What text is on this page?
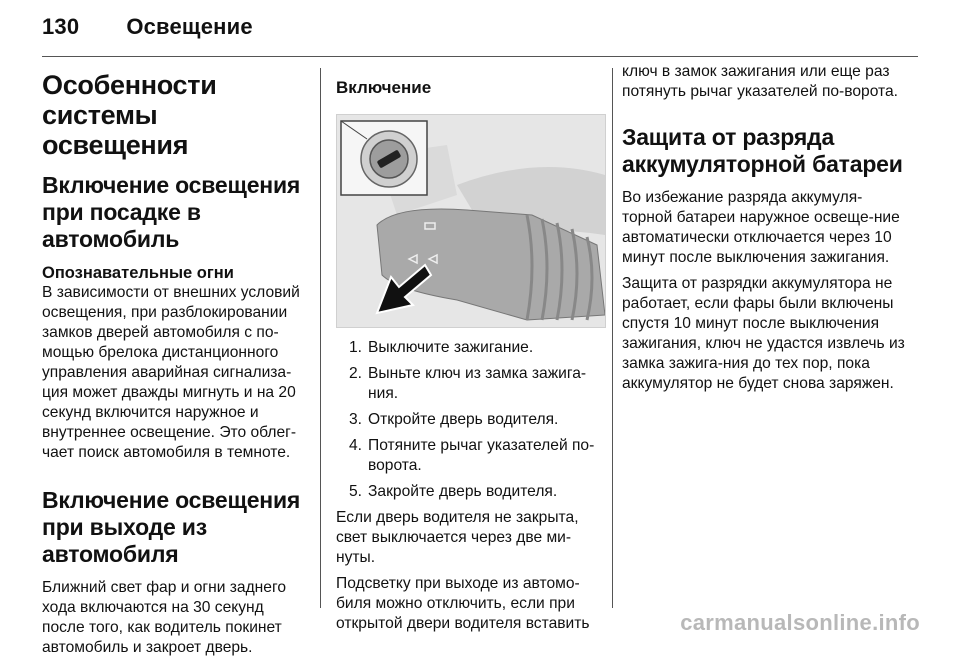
130 Освещение
Особенности системы освещения
Включение освещения при посадке в автомобиль
Опознавательные огни

В зависимости от внешних условий освещения, при разблокировании замков дверей автомобиля с по-мощью брелока дистанционного управления аварийная сигнализа-ция может дважды мигнуть и на 20 секунд включится наружное и внутреннее освещение. Это облег-чает поиск автомобиля в темноте.

Включение освещения при выходе из автомобиля

Ближний свет фар и огни заднего хода включаются на 30 секунд после того, как водитель покинет автомобиль и закроет дверь.

Включение
1. Выключите зажигание.
2. Выньте ключ из замка зажига-ния.
3. Откройте дверь водителя.
4. Потяните рычаг указателей по-ворота.
5. Закройте дверь водителя.

Если дверь водителя не закрыта, свет выключается через две ми-нуты.

Подсветку при выходе из автомо-биля можно отключить, если при открытой двери водителя вставить

ключ в замок зажигания или еще раз потянуть рычаг указателей по-ворота.

Защита от разряда аккумуляторной батареи

Во избежание разряда аккумуля-торной батареи наружное освеще-ние автоматически отключается через 10 минут после выключения зажигания.

Защита от разрядки аккумулятора не работает, если фары были включены спустя 10 минут после выключения зажигания, ключ не удастся извлечь из замка зажига-ния до тех пор, пока аккумулятор не будет снова заряжен.

carmanualsonline.info
